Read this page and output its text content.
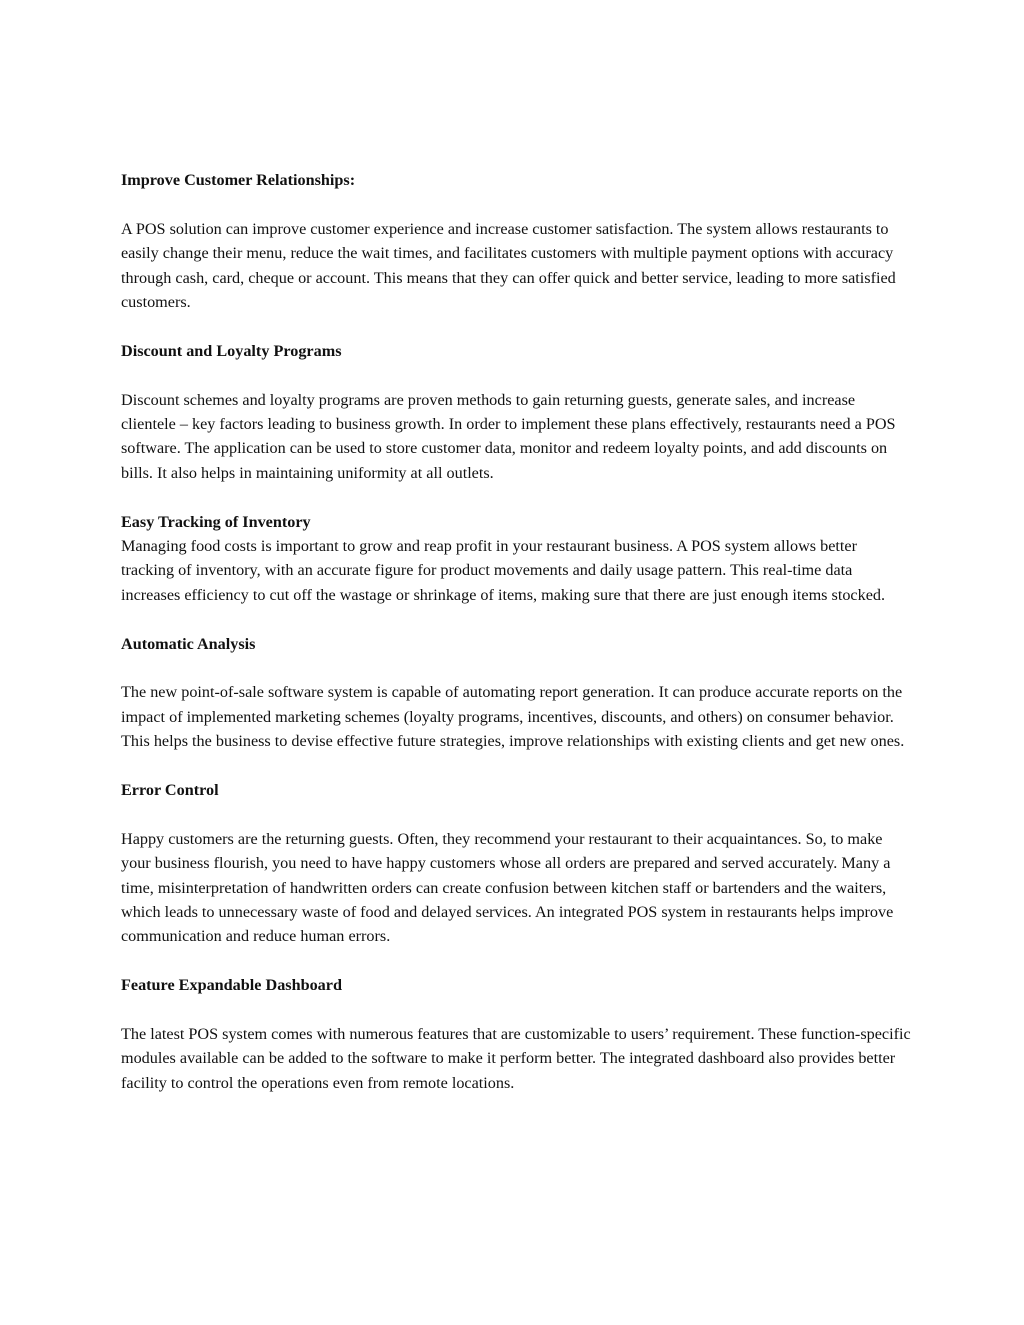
Improve Customer Relationships:

A POS solution can improve customer experience and increase customer satisfaction. The system allows restaurants to easily change their menu, reduce the wait times, and facilitates customers with multiple payment options with accuracy through cash, card, cheque or account. This means that they can offer quick and better service, leading to more satisfied customers.

Discount and Loyalty Programs

Discount schemes and loyalty programs are proven methods to gain returning guests, generate sales, and increase clientele – key factors leading to business growth. In order to implement these plans effectively, restaurants need a POS software. The application can be used to store customer data, monitor and redeem loyalty points, and add discounts on bills. It also helps in maintaining uniformity at all outlets.

Easy Tracking of Inventory

Managing food costs is important to grow and reap profit in your restaurant business. A POS system allows better tracking of inventory, with an accurate figure for product movements and daily usage pattern. This real-time data increases efficiency to cut off the wastage or shrinkage of items, making sure that there are just enough items stocked.

Automatic Analysis

The new point-of-sale software system is capable of automating report generation. It can produce accurate reports on the impact of implemented marketing schemes (loyalty programs, incentives, discounts, and others) on consumer behavior. This helps the business to devise effective future strategies, improve relationships with existing clients and get new ones.

Error Control

Happy customers are the returning guests. Often, they recommend your restaurant to their acquaintances. So, to make your business flourish, you need to have happy customers whose all orders are prepared and served accurately. Many a time, misinterpretation of handwritten orders can create confusion between kitchen staff or bartenders and the waiters, which leads to unnecessary waste of food and delayed services. An integrated POS system in restaurants helps improve communication and reduce human errors.

Feature Expandable Dashboard

The latest POS system comes with numerous features that are customizable to users’ requirement. These function-specific modules available can be added to the software to make it perform better. The integrated dashboard also provides better facility to control the operations even from remote locations.
